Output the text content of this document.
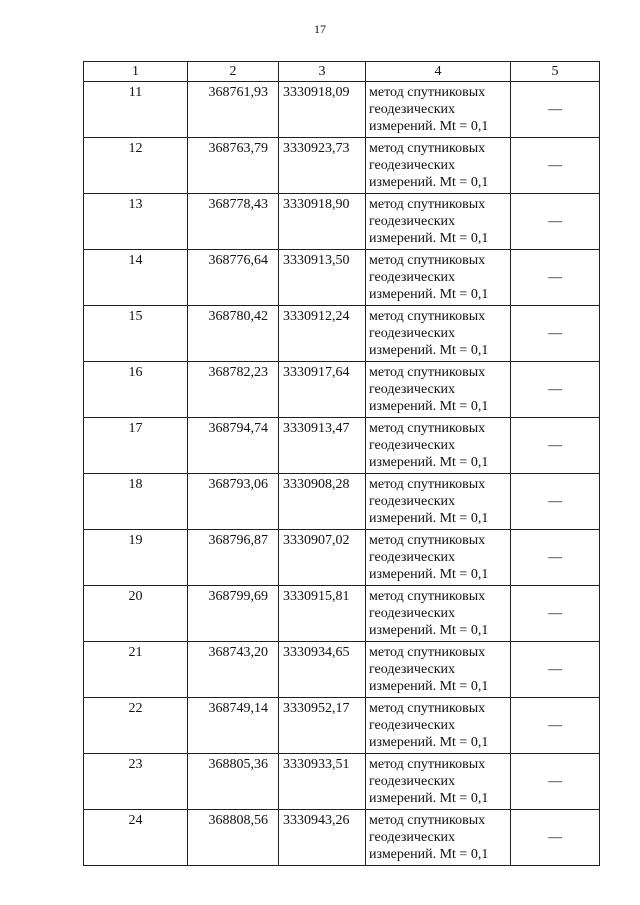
17
1	2	3	4	5
11	368761,93	3330918,09	метод спутниковых
геодезических
измерений. Mt = 0,1	—
12	368763,79	3330923,73	метод спутниковых
геодезических
измерений. Mt = 0,1	—
13	368778,43	3330918,90	метод спутниковых
геодезических
измерений. Mt = 0,1	—
14	368776,64	3330913,50	метод спутниковых
геодезических
измерений. Mt = 0,1	—
15	368780,42	3330912,24	метод спутниковых
геодезических
измерений. Mt = 0,1	—
16	368782,23	3330917,64	метод спутниковых
геодезических
измерений. Mt = 0,1	—
17	368794,74	3330913,47	метод спутниковых
геодезических
измерений. Mt = 0,1	—
18	368793,06	3330908,28	метод спутниковых
геодезических
измерений. Mt = 0,1	—
19	368796,87	3330907,02	метод спутниковых
геодезических
измерений. Mt = 0,1	—
20	368799,69	3330915,81	метод спутниковых
геодезических
измерений. Mt = 0,1	—
21	368743,20	3330934,65	метод спутниковых
геодезических
измерений. Mt = 0,1	—
22	368749,14	3330952,17	метод спутниковых
геодезических
измерений. Mt = 0,1	—
23	368805,36	3330933,51	метод спутниковых
геодезических
измерений. Mt = 0,1	—
24	368808,56	3330943,26	метод спутниковых
геодезических
измерений. Mt = 0,1	—
